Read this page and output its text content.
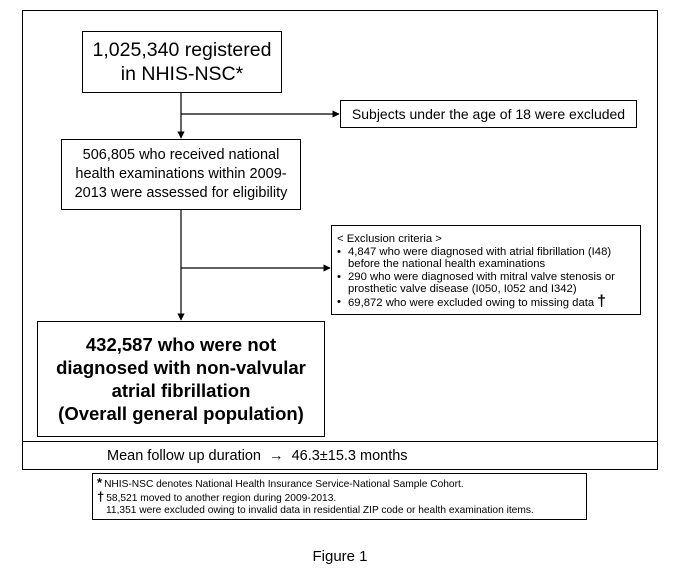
1,025,340 registered
in NHIS-NSC*
Subjects under the age of 18 were excluded
506,805 who received national
health examinations within 2009-
2013 were assessed for eligibility
< Exclusion criteria >
• 4,847 who were diagnosed with atrial fibrillation (I48)
before the national health examinations
• 290 who were diagnosed with mitral valve stenosis or
prosthetic valve disease (I050, I052 and I342)
• 69,872 who were excluded owing to missing data †
432,587 who were not
diagnosed with non-valvular
atrial fibrillation
(Overall general population)
Mean follow up duration  →  46.3±15.3 months
* NHIS-NSC denotes National Health Insurance Service-National Sample Cohort.
† 58,521 moved to another region during 2009-2013.
11,351 were excluded owing to invalid data in residential ZIP code or health examination items.
Figure 1
